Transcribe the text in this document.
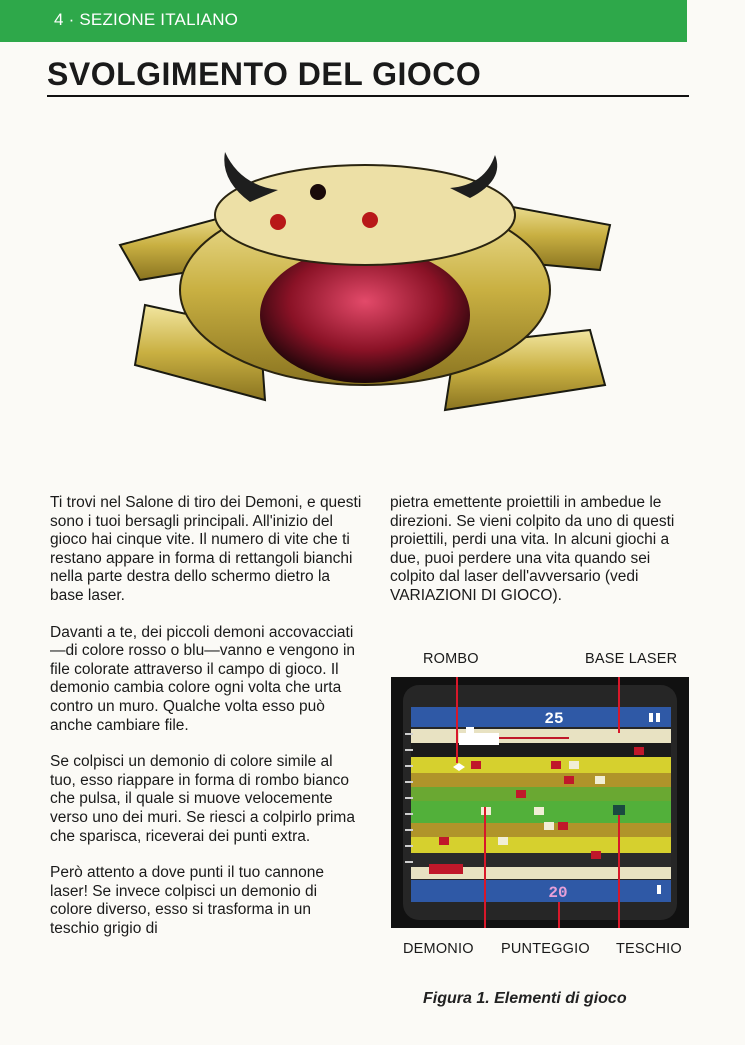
4 · SEZIONE ITALIANO
SVOLGIMENTO DEL GIOCO

Ti trovi nel Salone di tiro dei Demoni, e questi sono i tuoi bersagli principali. All'inizio del gioco hai cinque vite. Il numero di vite che ti restano appare in forma di rettangoli bianchi nella parte destra dello schermo dietro la base laser.

Davanti a te, dei piccoli demoni accovacciati—di colore rosso o blu—vanno e vengono in file colorate attraverso il campo di gioco. Il demonio cambia colore ogni volta che urta contro un muro. Qualche volta esso può anche cambiare file.

Se colpisci un demonio di colore simile al tuo, esso riappare in forma di rombo bianco che pulsa, il quale si muove velocemente verso uno dei muri. Se riesci a colpirlo prima che sparisca, riceverai dei punti extra.

Però attento a dove punti il tuo cannone laser! Se invece colpisci un demonio di colore diverso, esso si trasforma in un teschio grigio di

pietra emettente proiettili in ambedue le direzioni. Se vieni colpito da uno di questi proiettili, perdi una vita. In alcuni giochi a due, puoi perdere una vita quando sei colpito dal laser dell'avversario (vedi VARIAZIONI DI GIOCO).

ROMBO	BASE LASER
DEMONIO PUNTEGGIO TESCHIO
25
20
Figura 1. Elementi di gioco
